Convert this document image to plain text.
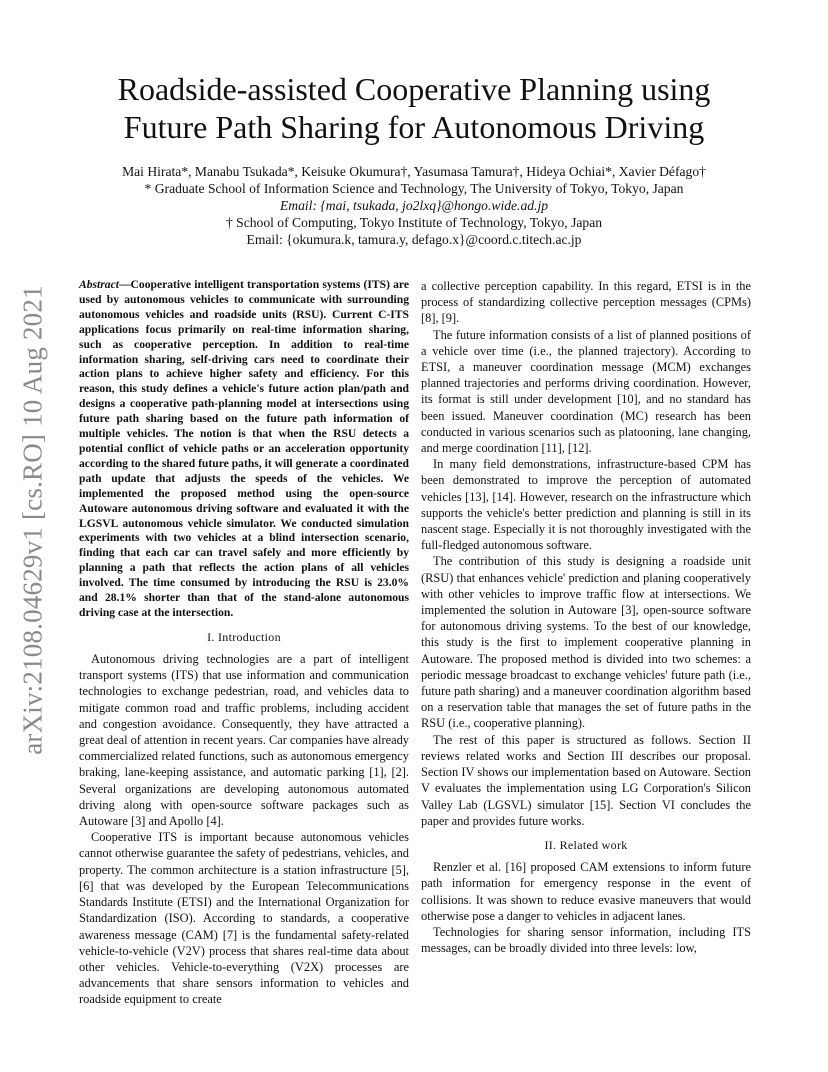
arXiv:2108.04629v1 [cs.RO] 10 Aug 2021
Roadside-assisted Cooperative Planning using
Future Path Sharing for Autonomous Driving
Mai Hirata*, Manabu Tsukada*, Keisuke Okumura†, Yasumasa Tamura†, Hideya Ochiai*, Xavier Défago†
* Graduate School of Information Science and Technology, The University of Tokyo, Tokyo, Japan
Email: {mai, tsukada, jo2lxq}@hongo.wide.ad.jp
† School of Computing, Tokyo Institute of Technology, Tokyo, Japan
Email: {okumura.k, tamura.y, defago.x}@coord.c.titech.ac.jp
Abstract—Cooperative intelligent transportation systems (ITS) are used by autonomous vehicles to communicate with surrounding autonomous vehicles and roadside units (RSU). Current C-ITS applications focus primarily on real-time information sharing, such as cooperative perception. In addition to real-time information sharing, self-driving cars need to coordinate their action plans to achieve higher safety and efficiency. For this reason, this study defines a vehicle's future action plan/path and designs a cooperative path-planning model at intersections using future path sharing based on the future path information of multiple vehicles. The notion is that when the RSU detects a potential conflict of vehicle paths or an acceleration opportunity according to the shared future paths, it will generate a coordinated path update that adjusts the speeds of the vehicles. We implemented the proposed method using the open-source Autoware autonomous driving software and evaluated it with the LGSVL autonomous vehicle simulator. We conducted simulation experiments with two vehicles at a blind intersection scenario, finding that each car can travel safely and more efficiently by planning a path that reflects the action plans of all vehicles involved. The time consumed by introducing the RSU is 23.0% and 28.1% shorter than that of the stand-alone autonomous driving case at the intersection.
I. Introduction

Autonomous driving technologies are a part of intelligent transport systems (ITS) that use information and communication technologies to exchange pedestrian, road, and vehicles data to mitigate common road and traffic problems, including accident and congestion avoidance. Consequently, they have attracted a great deal of attention in recent years. Car companies have already commercialized related functions, such as autonomous emergency braking, lane-keeping assistance, and automatic parking [1], [2]. Several organizations are developing autonomous automated driving along with open-source software packages such as Autoware [3] and Apollo [4].

Cooperative ITS is important because autonomous vehicles cannot otherwise guarantee the safety of pedestrians, vehicles, and property. The common architecture is a station infrastructure [5], [6] that was developed by the European Telecommunications Standards Institute (ETSI) and the International Organization for Standardization (ISO). According to standards, a cooperative awareness message (CAM) [7] is the fundamental safety-related vehicle-to-vehicle (V2V) process that shares real-time data about other vehicles. Vehicle-to-everything (V2X) processes are advancements that share sensors information to vehicles and roadside equipment to create

a collective perception capability. In this regard, ETSI is in the process of standardizing collective perception messages (CPMs) [8], [9].

The future information consists of a list of planned positions of a vehicle over time (i.e., the planned trajectory). According to ETSI, a maneuver coordination message (MCM) exchanges planned trajectories and performs driving coordination. However, its format is still under development [10], and no standard has been issued. Maneuver coordination (MC) research has been conducted in various scenarios such as platooning, lane changing, and merge coordination [11], [12].

In many field demonstrations, infrastructure-based CPM has been demonstrated to improve the perception of automated vehicles [13], [14]. However, research on the infrastructure which supports the vehicle's better prediction and planning is still in its nascent stage. Especially it is not thoroughly investigated with the full-fledged autonomous software.

The contribution of this study is designing a roadside unit (RSU) that enhances vehicle' prediction and planing cooperatively with other vehicles to improve traffic flow at intersections. We implemented the solution in Autoware [3], open-source software for autonomous driving systems. To the best of our knowledge, this study is the first to implement cooperative planning in Autoware. The proposed method is divided into two schemes: a periodic message broadcast to exchange vehicles' future path (i.e., future path sharing) and a maneuver coordination algorithm based on a reservation table that manages the set of future paths in the RSU (i.e., cooperative planning).

The rest of this paper is structured as follows. Section II reviews related works and Section III describes our proposal. Section IV shows our implementation based on Autoware. Section V evaluates the implementation using LG Corporation's Silicon Valley Lab (LGSVL) simulator [15]. Section VI concludes the paper and provides future works.

II. Related work

Renzler et al. [16] proposed CAM extensions to inform future path information for emergency response in the event of collisions. It was shown to reduce evasive maneuvers that would otherwise pose a danger to vehicles in adjacent lanes.

Technologies for sharing sensor information, including ITS messages, can be broadly divided into three levels: low,
